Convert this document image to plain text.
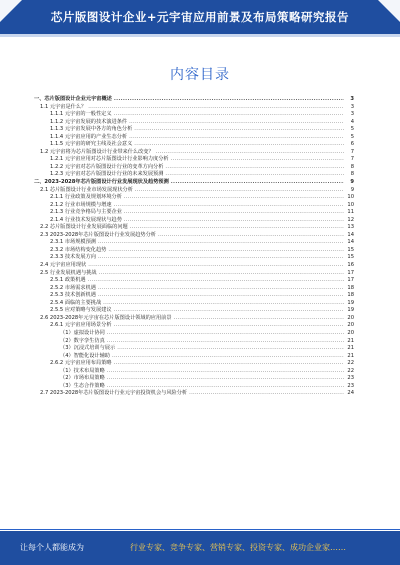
芯片版图设计企业+元宇宙应用前景及布局策略研究报告
内容目录
一、芯片版图设计企业元宇宙概述 .....	3
1.1 元宇宙是什么？ .....	3
1.1.1 元宇宙的一般性定义 .....	3
1.1.2 元宇宙发展的技术演进条件 .....	4
1.1.3 元宇宙发展中各方的角色分析 .....	5
1.1.4 元宇宙应用的产业生态分析 .....	5
1.1.5 元宇宙的研究主线及社会意义 .....	6
1.2 元宇宙将为芯片版图设计行业带来什么改变？ .....	7
1.2.1 元宇宙应用对芯片版图设计行业影响力度分析 .....	7
1.2.2 元宇宙对芯片版图设计行业的变革方向分析 .....	8
1.2.3 元宇宙对芯片版图设计行业的未来发展预测 .....	8
二、2023-2028年芯片版图设计行业发展现状及趋势预测 .....	9
2.1 芯片版图设计行业市场发展现状分析 .....	9
2.1.1 行业政策及规划环境分析 .....	10
2.1.2 行业市场规模与增速 .....	10
2.1.3 行业竞争格局与主要企业 .....	11
2.1.4 行业技术发展现状与趋势 .....	12
2.2 芯片版图设计行业发展面临的问题 .....	13
2.3 2023-2028年芯片版图设计行业发展趋势分析 .....	14
2.3.1 市场规模预测 .....	14
2.3.2 市场结构变化趋势 .....	15
2.3.3 技术发展方向 .....	15
2.4 元宇宙应用现状 .....	16
2.5 行业发展机遇与挑战 .....	17
2.5.1 政策机遇 .....	17
2.5.2 市场需求机遇 .....	18
2.5.3 技术创新机遇 .....	18
2.5.4 面临的主要挑战 .....	19
2.5.5 应对策略与发展建议 .....	19
2.6 2023-2028年元宇宙在芯片版图设计领域的应用前景 .....	20
2.6.1 元宇宙应用场景分析 .....	20
（1）虚拟设计协同 .....	20
（2）数字孪生仿真 .....	21
（3）沉浸式培训与展示 .....	21
（4）智能化设计辅助 .....	21
2.6.2 元宇宙应用布局策略 .....	22
（1）技术布局策略 .....	22
（2）市场布局策略 .....	23
（3）生态合作策略 .....	23
2.7 2023-2028年芯片版图设计行业元宇宙投资机会与风险分析 .....	24
让每个人都能成为	行业专家、竞争专家、营销专家、投资专家、成功企业家……
